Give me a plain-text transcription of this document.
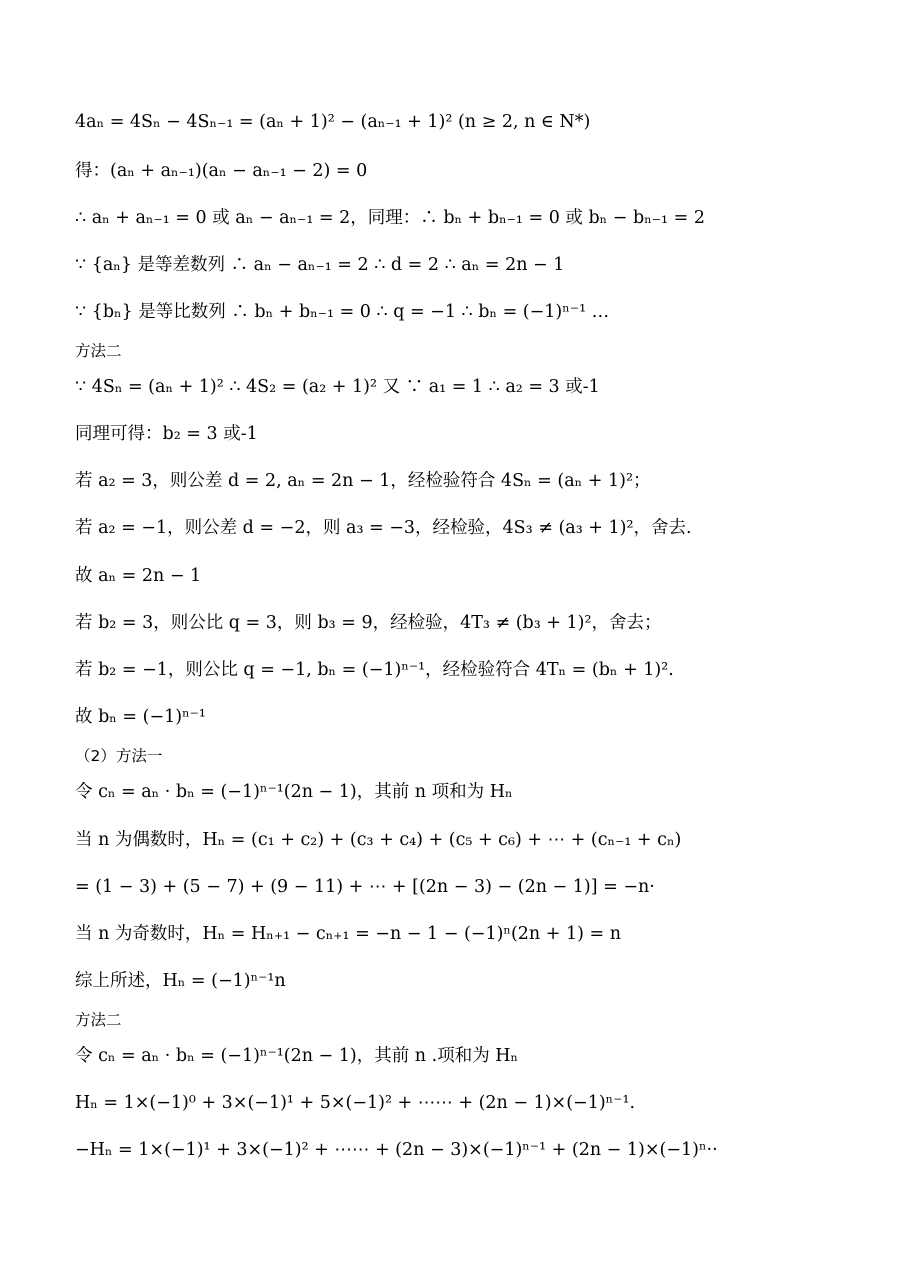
4aₙ = 4Sₙ − 4Sₙ₋₁ = (aₙ + 1)² − (aₙ₋₁ + 1)² (n ≥ 2, n ∈ N*)
得：(aₙ + aₙ₋₁)(aₙ − aₙ₋₁ − 2) = 0
∴ aₙ + aₙ₋₁ = 0 或 aₙ − aₙ₋₁ = 2，同理：∴ bₙ + bₙ₋₁ = 0 或 bₙ − bₙ₋₁ = 2
∵ {aₙ} 是等差数列 ∴ aₙ − aₙ₋₁ = 2 ∴ d = 2 ∴ aₙ = 2n − 1
∵ {bₙ} 是等比数列 ∴ bₙ + bₙ₋₁ = 0 ∴ q = −1 ∴ bₙ = (−1)ⁿ⁻¹ …
方法二
∵ 4Sₙ = (aₙ + 1)² ∴ 4S₂ = (a₂ + 1)² 又 ∵ a₁ = 1 ∴ a₂ = 3 或-1
同理可得：b₂ = 3 或-1
若 a₂ = 3，则公差 d = 2, aₙ = 2n − 1，经检验符合 4Sₙ = (aₙ + 1)²；
若 a₂ = −1，则公差 d = −2，则 a₃ = −3，经检验，4S₃ ≠ (a₃ + 1)²，舍去.
故 aₙ = 2n − 1
若 b₂ = 3，则公比 q = 3，则 b₃ = 9，经检验，4T₃ ≠ (b₃ + 1)²，舍去；
若 b₂ = −1，则公比 q = −1, bₙ = (−1)ⁿ⁻¹，经检验符合 4Tₙ = (bₙ + 1)².
故 bₙ = (−1)ⁿ⁻¹
（2）方法一
令 cₙ = aₙ · bₙ = (−1)ⁿ⁻¹(2n − 1)，其前 n 项和为 Hₙ
当 n 为偶数时，Hₙ = (c₁ + c₂) + (c₃ + c₄) + (c₅ + c₆) + ⋯ + (cₙ₋₁ + cₙ)
= (1 − 3) + (5 − 7) + (9 − 11) + ⋯ + [(2n − 3) − (2n − 1)] = −n·
当 n 为奇数时，Hₙ = Hₙ₊₁ − cₙ₊₁ = −n − 1 − (−1)ⁿ(2n + 1) = n
综上所述，Hₙ = (−1)ⁿ⁻¹n
方法二
令 cₙ = aₙ · bₙ = (−1)ⁿ⁻¹(2n − 1)，其前 n .项和为 Hₙ
Hₙ = 1×(−1)⁰ + 3×(−1)¹ + 5×(−1)² + ⋯⋯ + (2n − 1)×(−1)ⁿ⁻¹.
−Hₙ = 1×(−1)¹ + 3×(−1)² + ⋯⋯ + (2n − 3)×(−1)ⁿ⁻¹ + (2n − 1)×(−1)ⁿ··
